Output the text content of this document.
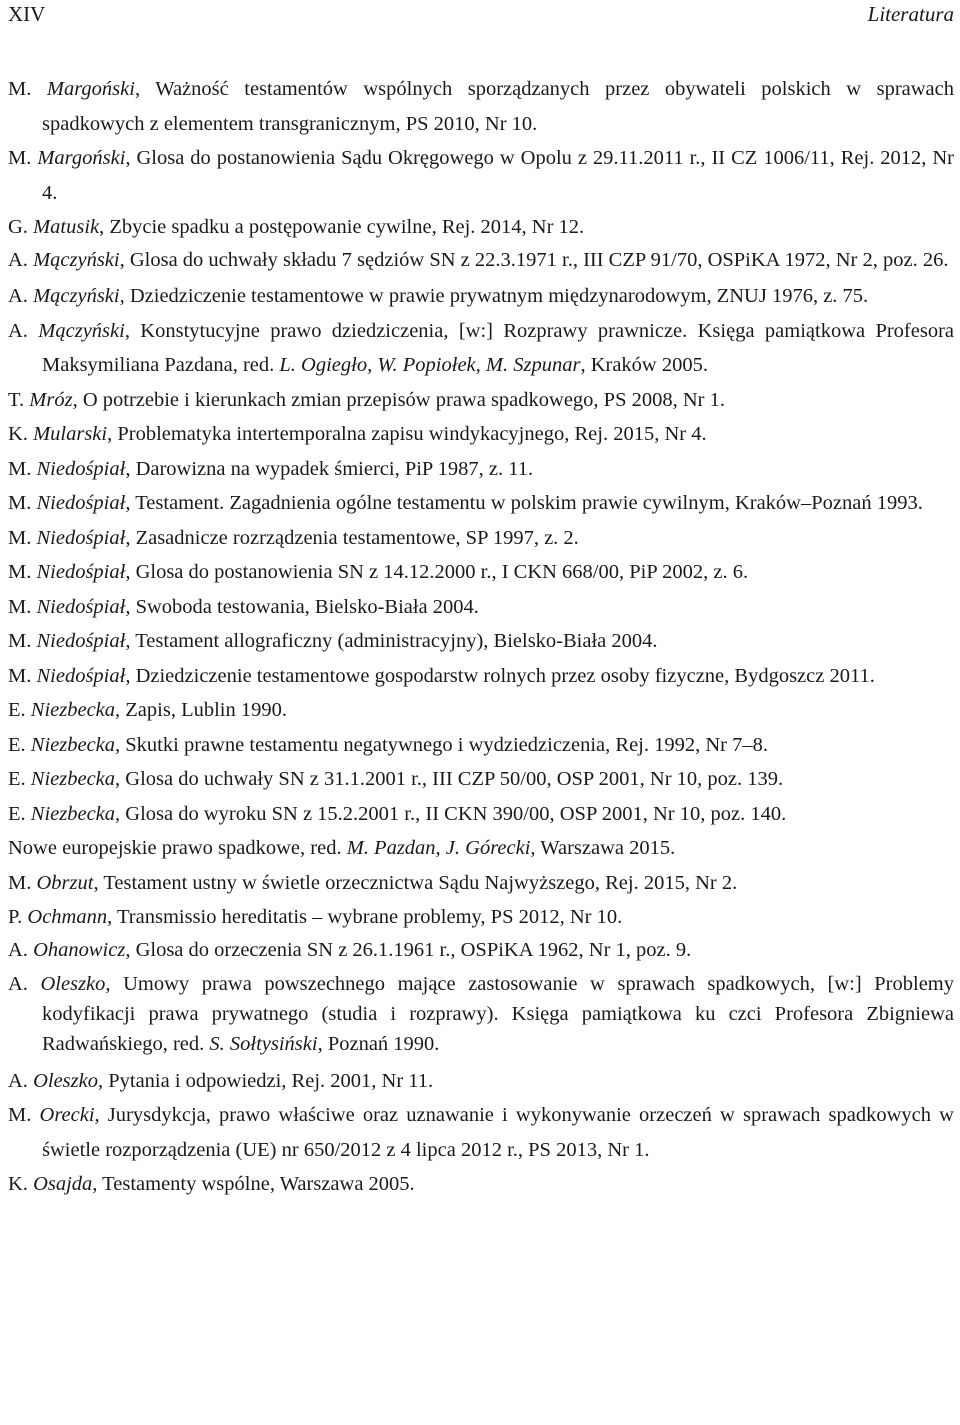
XIV	Literatura
M. Margoński, Ważność testamentów wspólnych sporządzanych przez obywateli polskich w sprawach spadkowych z elementem transgranicznym, PS 2010, Nr 10.
M. Margoński, Glosa do postanowienia Sądu Okręgowego w Opolu z 29.11.2011 r., II CZ 1006/11, Rej. 2012, Nr 4.
G. Matusik, Zbycie spadku a postępowanie cywilne, Rej. 2014, Nr 12.
A. Mączyński, Glosa do uchwały składu 7 sędziów SN z 22.3.1971 r., III CZP 91/70, OSPiKA 1972, Nr 2, poz. 26.
A. Mączyński, Dziedziczenie testamentowe w prawie prywatnym międzynarodowym, ZNUJ 1976, z. 75.
A. Mączyński, Konstytucyjne prawo dziedziczenia, [w:] Rozprawy prawnicze. Księga pamiątkowa Profesora Maksymiliana Pazdana, red. L. Ogiegło, W. Popiołek, M. Szpunar, Kraków 2005.
T. Mróz, O potrzebie i kierunkach zmian przepisów prawa spadkowego, PS 2008, Nr 1.
K. Mularski, Problematyka intertemporalna zapisu windykacyjnego, Rej. 2015, Nr 4.
M. Niedośpiał, Darowizna na wypadek śmierci, PiP 1987, z. 11.
M. Niedośpiał, Testament. Zagadnienia ogólne testamentu w polskim prawie cywilnym, Kraków–Poznań 1993.
M. Niedośpiał, Zasadnicze rozrządzenia testamentowe, SP 1997, z. 2.
M. Niedośpiał, Glosa do postanowienia SN z 14.12.2000 r., I CKN 668/00, PiP 2002, z. 6.
M. Niedośpiał, Swoboda testowania, Bielsko-Biała 2004.
M. Niedośpiał, Testament allograficzny (administracyjny), Bielsko-Biała 2004.
M. Niedośpiał, Dziedziczenie testamentowe gospodarstw rolnych przez osoby fizyczne, Bydgoszcz 2011.
E. Niezbecka, Zapis, Lublin 1990.
E. Niezbecka, Skutki prawne testamentu negatywnego i wydziedziczenia, Rej. 1992, Nr 7–8.
E. Niezbecka, Glosa do uchwały SN z 31.1.2001 r., III CZP 50/00, OSP 2001, Nr 10, poz. 139.
E. Niezbecka, Glosa do wyroku SN z 15.2.2001 r., II CKN 390/00, OSP 2001, Nr 10, poz. 140.
Nowe europejskie prawo spadkowe, red. M. Pazdan, J. Górecki, Warszawa 2015.
M. Obrzut, Testament ustny w świetle orzecznictwa Sądu Najwyższego, Rej. 2015, Nr 2.
P. Ochmann, Transmissio hereditatis – wybrane problemy, PS 2012, Nr 10.
A. Ohanowicz, Glosa do orzeczenia SN z 26.1.1961 r., OSPiKA 1962, Nr 1, poz. 9.
A. Oleszko, Umowy prawa powszechnego mające zastosowanie w sprawach spadkowych, [w:] Problemy kodyfikacji prawa prywatnego (studia i rozprawy). Księga pamiątkowa ku czci Profesora Zbigniewa Radwańskiego, red. S. Sołtysiński, Poznań 1990.
A. Oleszko, Pytania i odpowiedzi, Rej. 2001, Nr 11.
M. Orecki, Jurysdykcja, prawo właściwe oraz uznawanie i wykonywanie orzeczeń w sprawach spadkowych w świetle rozporządzenia (UE) nr 650/2012 z 4 lipca 2012 r., PS 2013, Nr 1.
K. Osajda, Testamenty wspólne, Warszawa 2005.
